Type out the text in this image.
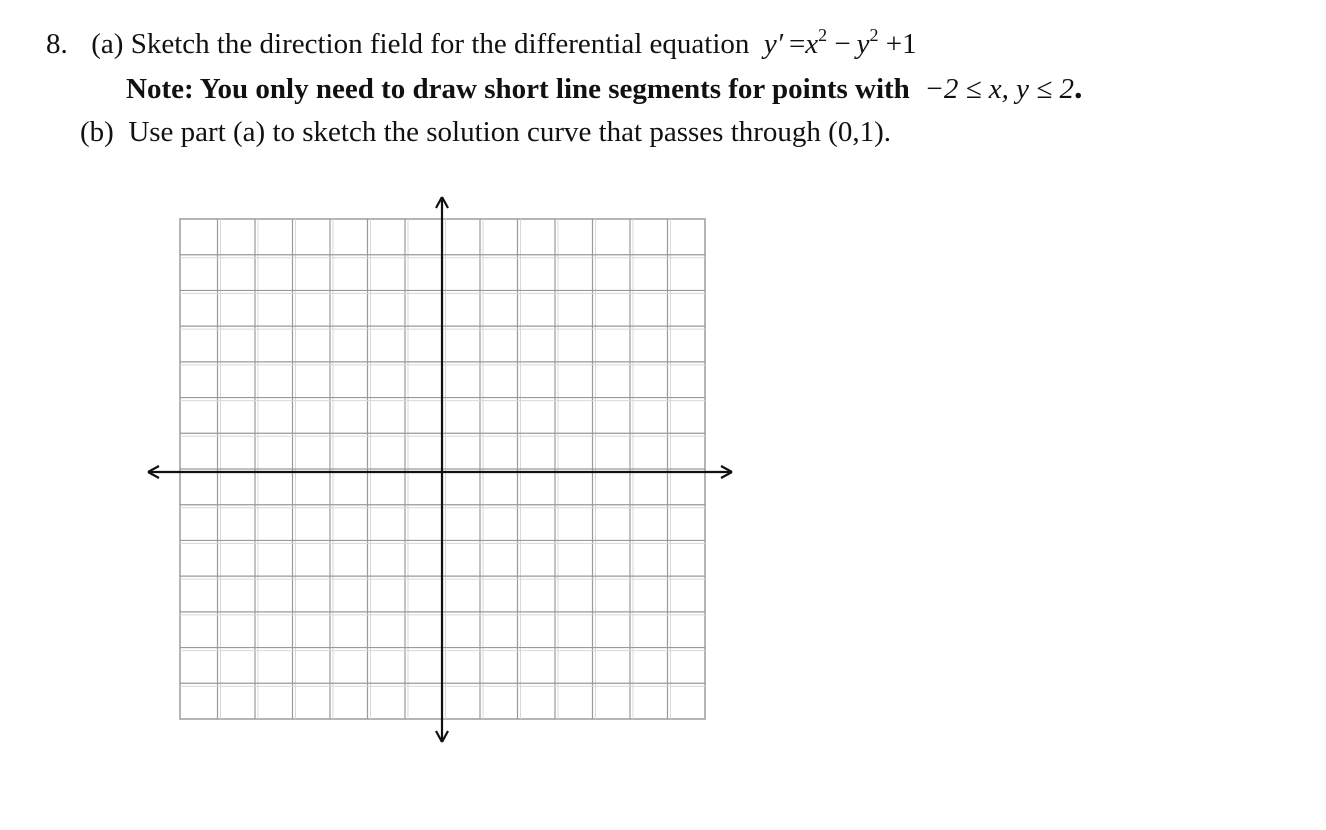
8. (a) Sketch the direction field for the differential equation $y' =x^2 - y^2 +1$
Note: You only need to draw short line segments for points with −2 ≤ x, y ≤ 2.
(b) Use part (a) to sketch the solution curve that passes through (0,1).
